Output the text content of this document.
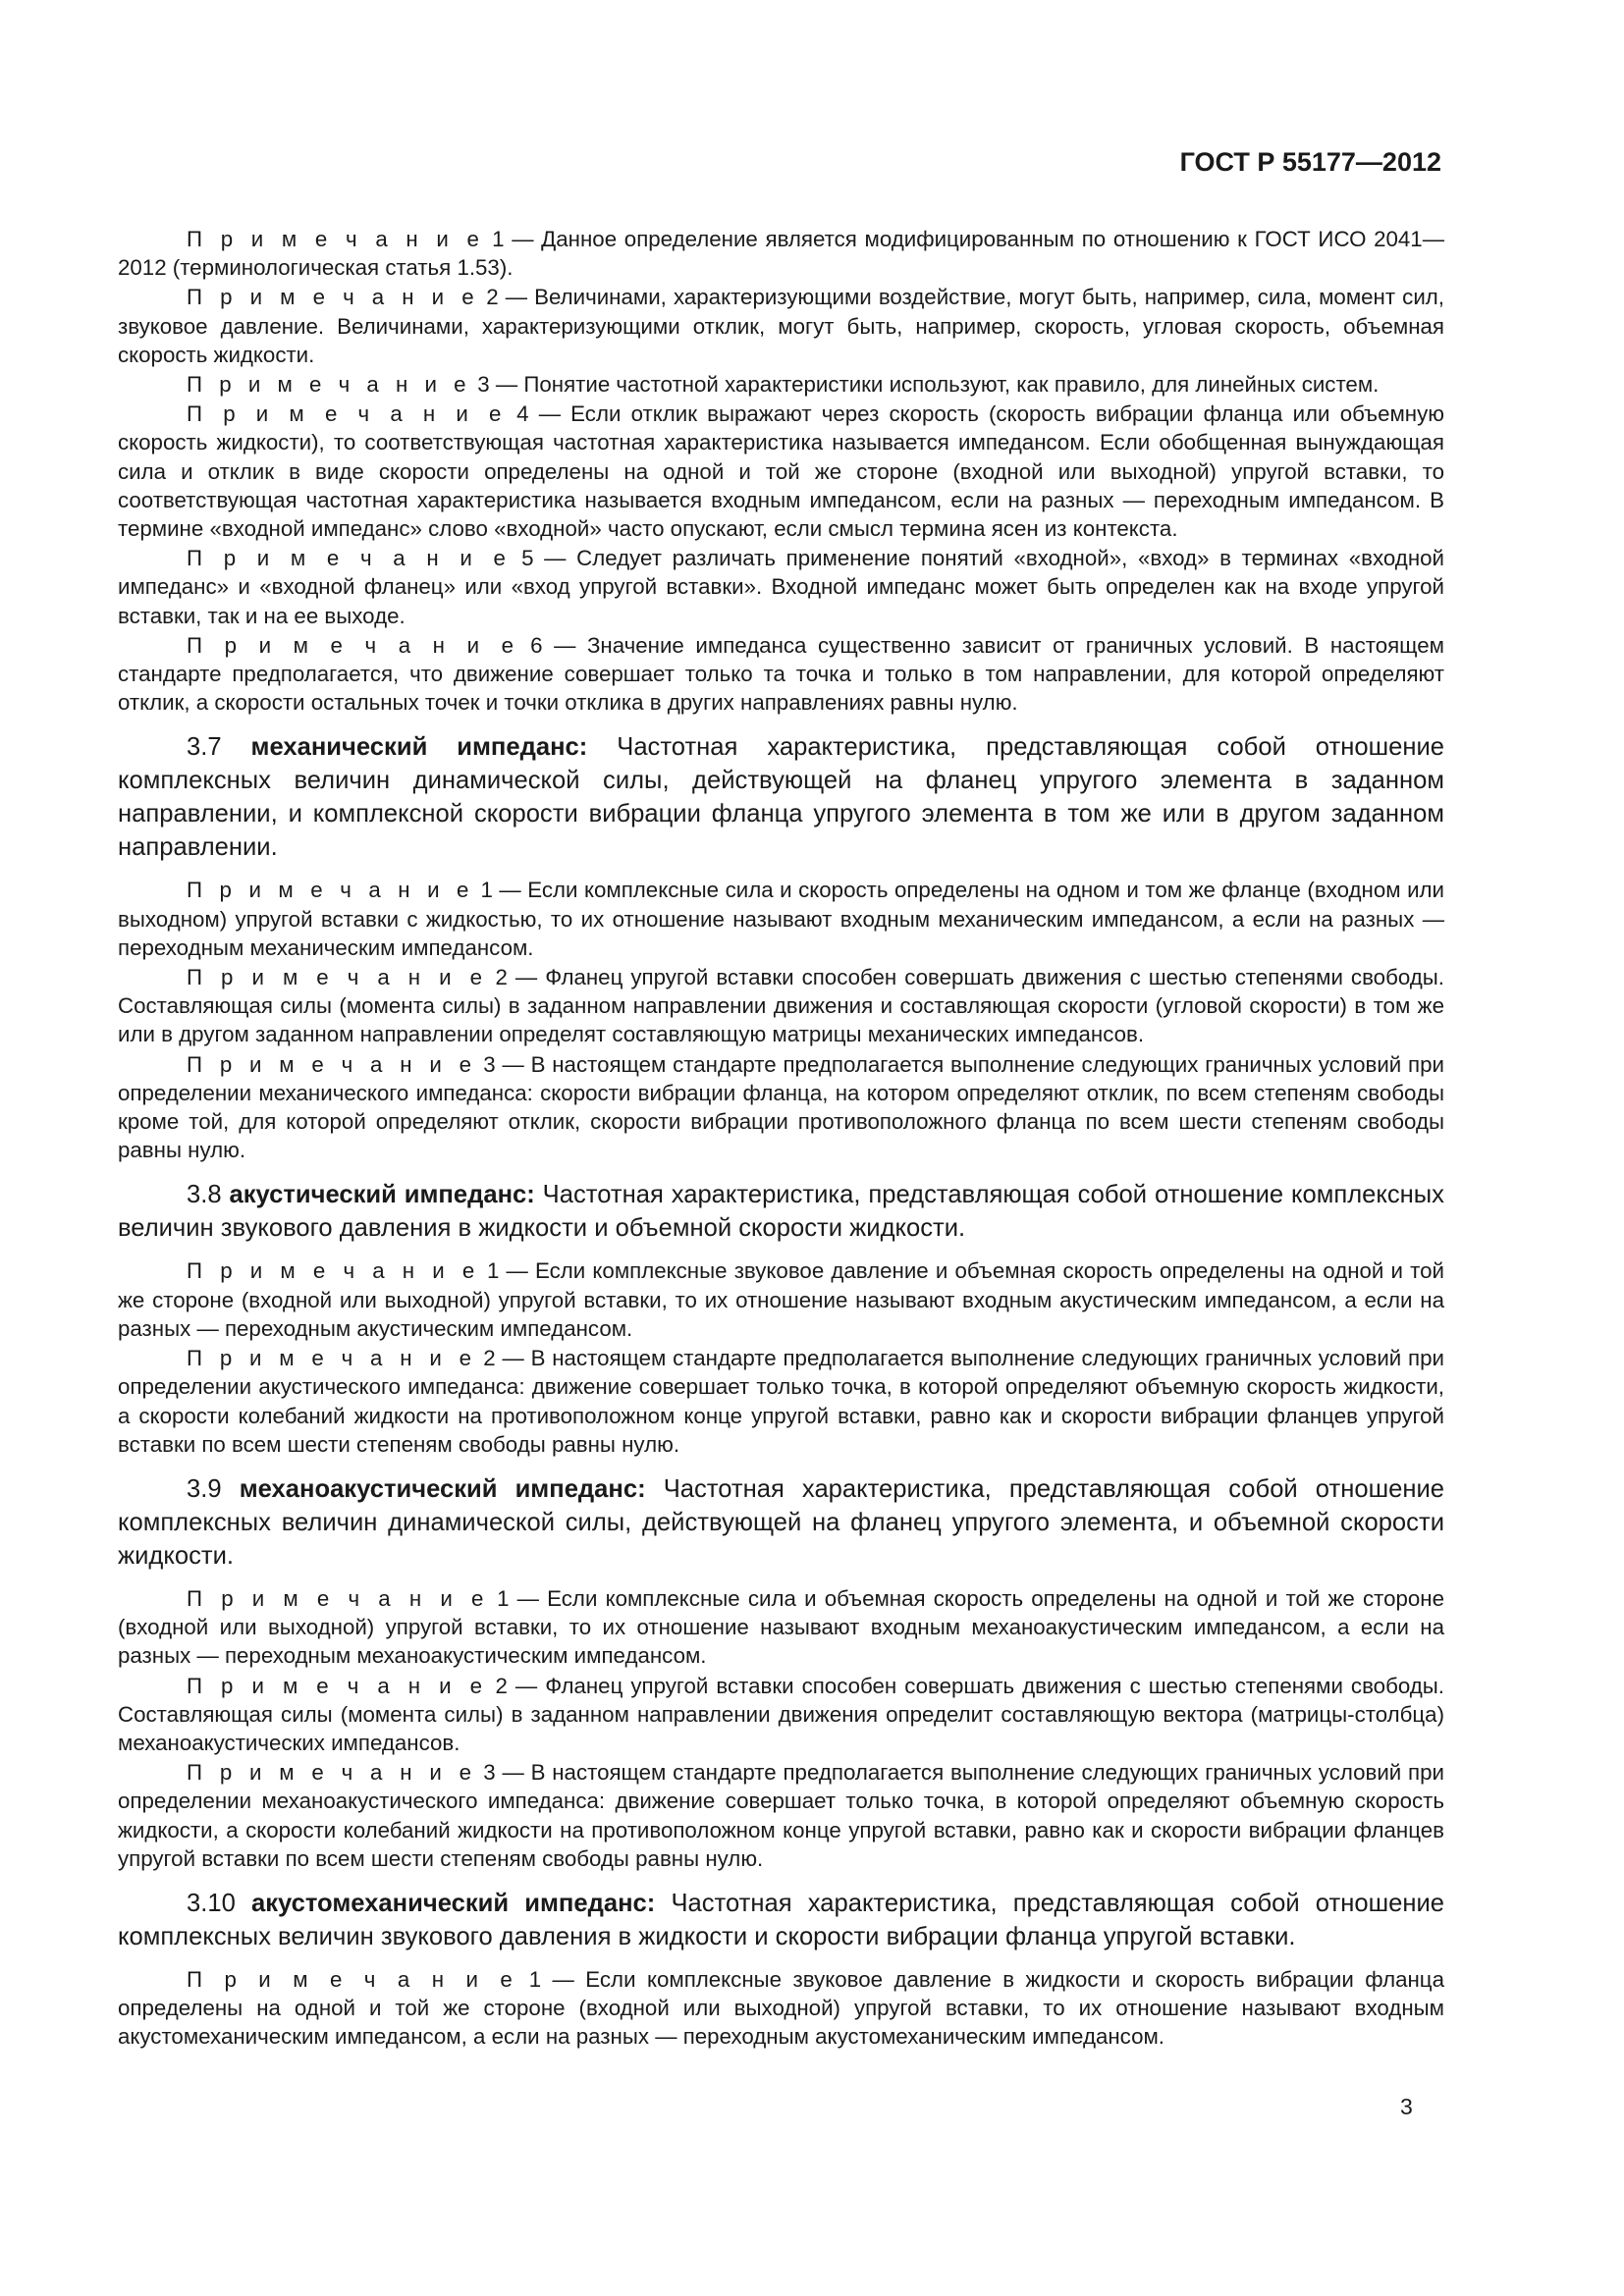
ГОСТ Р 55177—2012

П р и м е ч а н и е 1 — Данное определение является модифицированным по отношению к ГОСТ ИСО 2041—2012 (терминологическая статья 1.53).

П р и м е ч а н и е 2 — Величинами, характеризующими воздействие, могут быть, например, сила, момент сил, звуковое давление. Величинами, характеризующими отклик, могут быть, например, скорость, угловая скорость, объемная скорость жидкости.

П р и м е ч а н и е 3 — Понятие частотной характеристики используют, как правило, для линейных систем.

П р и м е ч а н и е 4 — Если отклик выражают через скорость (скорость вибрации фланца или объемную скорость жидкости), то соответствующая частотная характеристика называется импедансом. Если обобщенная вынуждающая сила и отклик в виде скорости определены на одной и той же стороне (входной или выходной) упругой вставки, то соответствующая частотная характеристика называется входным импедансом, если на разных — переходным импедансом. В термине «входной импеданс» слово «входной» часто опускают, если смысл термина ясен из контекста.

П р и м е ч а н и е 5 — Следует различать применение понятий «входной», «вход» в терминах «входной импеданс» и «входной фланец» или «вход упругой вставки». Входной импеданс может быть определен как на входе упругой вставки, так и на ее выходе.

П р и м е ч а н и е 6 — Значение импеданса существенно зависит от граничных условий. В настоящем стандарте предполагается, что движение совершает только та точка и только в том направлении, для которой определяют отклик, а скорости остальных точек и точки отклика в других направлениях равны нулю.

3.7 механический импеданс: Частотная характеристика, представляющая собой отношение комплексных величин динамической силы, действующей на фланец упругого элемента в заданном направлении, и комплексной скорости вибрации фланца упругого элемента в том же или в другом заданном направлении.

П р и м е ч а н и е 1 — Если комплексные сила и скорость определены на одном и том же фланце (входном или выходном) упругой вставки с жидкостью, то их отношение называют входным механическим импедансом, а если на разных — переходным механическим импедансом.

П р и м е ч а н и е 2 — Фланец упругой вставки способен совершать движения с шестью степенями свободы. Составляющая силы (момента силы) в заданном направлении движения и составляющая скорости (угловой скорости) в том же или в другом заданном направлении определят составляющую матрицы механических импедансов.

П р и м е ч а н и е 3 — В настоящем стандарте предполагается выполнение следующих граничных условий при определении механического импеданса: скорости вибрации фланца, на котором определяют отклик, по всем степеням свободы кроме той, для которой определяют отклик, скорости вибрации противоположного фланца по всем шести степеням свободы равны нулю.

3.8 акустический импеданс: Частотная характеристика, представляющая собой отношение комплексных величин звукового давления в жидкости и объемной скорости жидкости.

П р и м е ч а н и е 1 — Если комплексные звуковое давление и объемная скорость определены на одной и той же стороне (входной или выходной) упругой вставки, то их отношение называют входным акустическим импедансом, а если на разных — переходным акустическим импедансом.

П р и м е ч а н и е 2 — В настоящем стандарте предполагается выполнение следующих граничных условий при определении акустического импеданса: движение совершает только точка, в которой определяют объемную скорость жидкости, а скорости колебаний жидкости на противоположном конце упругой вставки, равно как и скорости вибрации фланцев упругой вставки по всем шести степеням свободы равны нулю.

3.9 механоакустический импеданс: Частотная характеристика, представляющая собой отношение комплексных величин динамической силы, действующей на фланец упругого элемента, и объемной скорости жидкости.

П р и м е ч а н и е 1 — Если комплексные сила и объемная скорость определены на одной и той же стороне (входной или выходной) упругой вставки, то их отношение называют входным механоакустическим импедансом, а если на разных — переходным механоакустическим импедансом.

П р и м е ч а н и е 2 — Фланец упругой вставки способен совершать движения с шестью степенями свободы. Составляющая силы (момента силы) в заданном направлении движения определит составляющую вектора (матрицы-столбца) механоакустических импедансов.

П р и м е ч а н и е 3 — В настоящем стандарте предполагается выполнение следующих граничных условий при определении механоакустического импеданса: движение совершает только точка, в которой определяют объемную скорость жидкости, а скорости колебаний жидкости на противоположном конце упругой вставки, равно как и скорости вибрации фланцев упругой вставки по всем шести степеням свободы равны нулю.

3.10 акустомеханический импеданс: Частотная характеристика, представляющая собой отношение комплексных величин звукового давления в жидкости и скорости вибрации фланца упругой вставки.

П р и м е ч а н и е 1 — Если комплексные звуковое давление в жидкости и скорость вибрации фланца определены на одной и той же стороне (входной или выходной) упругой вставки, то их отношение называют входным акустомеханическим импедансом, а если на разных — переходным акустомеханическим импедансом.

3
